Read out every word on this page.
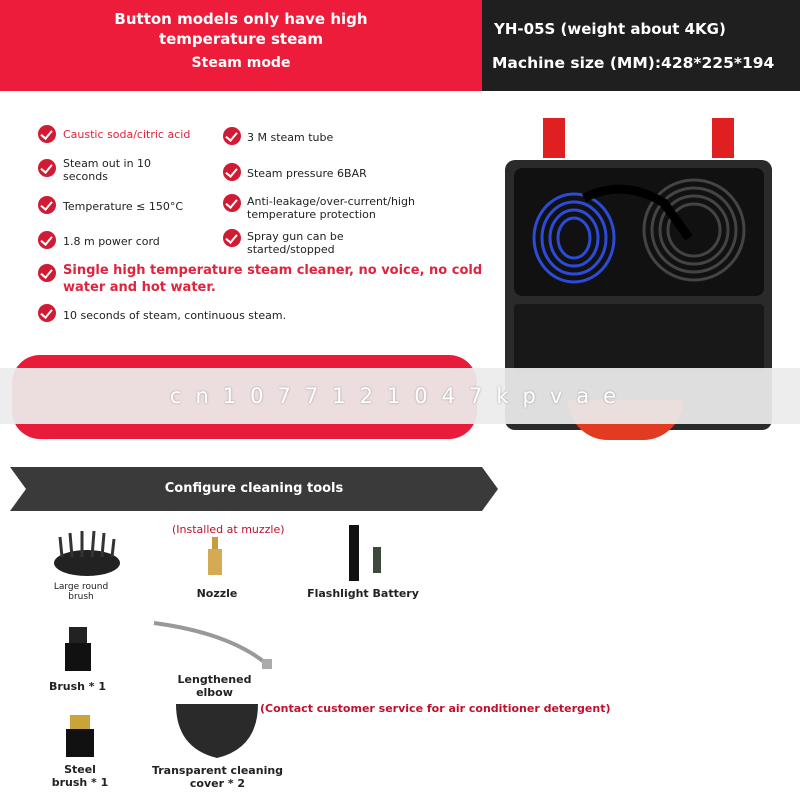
Button models only have high
temperature steam
Steam mode
YH-05S (weight about 4KG)
Machine size (MM):428*225*194
Caustic soda/citric acid	3 M steam tube
Steam out in 10
seconds	Steam pressure 6BAR
Temperature ≤ 150°C	Anti-leakage/over-current/high
temperature protection
1.8 m power cord	Spray gun can be
started/stopped
Single high temperature steam cleaner, no voice, no cold
water and hot water.
10 seconds of steam, continuous steam.
cn1077121047kpvae
Configure cleaning tools
(Installed at muzzle)
Large round
brush	Nozzle	Flashlight Battery
Brush * 1
Lengthened
elbow
(Contact customer service for air conditioner detergent)
Steel
brush * 1
Transparent cleaning
cover * 2
